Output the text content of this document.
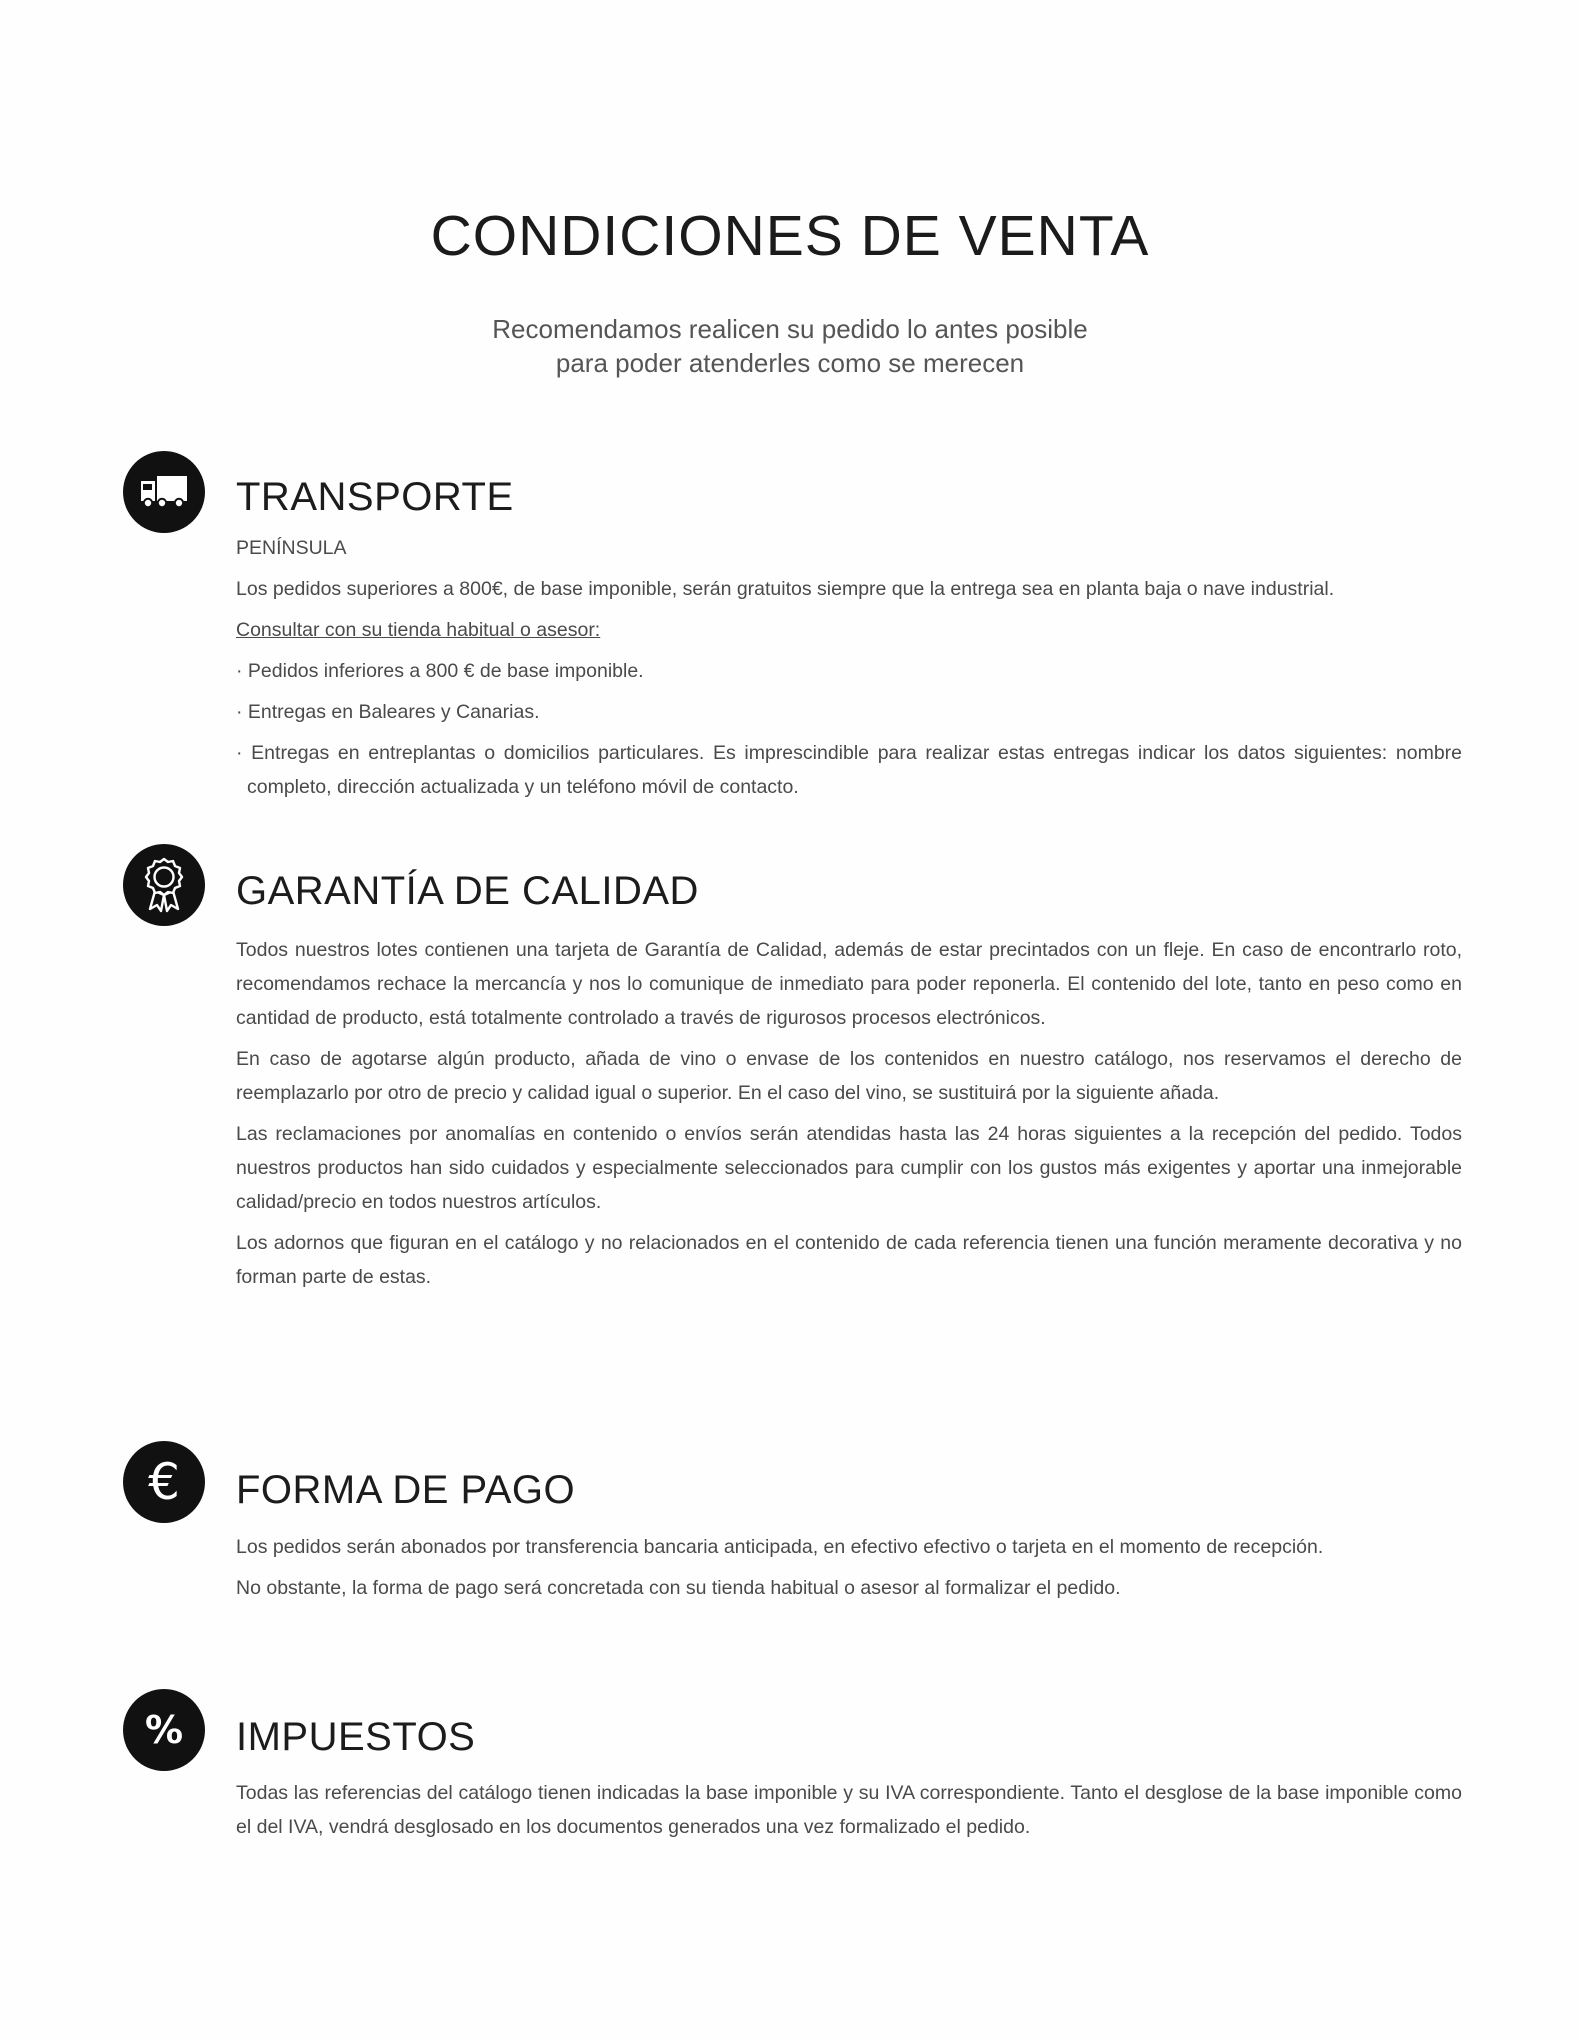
CONDICIONES DE VENTA
Recomendamos realicen su pedido lo antes posible
para poder atenderles como se merecen
TRANSPORTE

PENÍNSULA

Los pedidos superiores a 800€, de base imponible, serán gratuitos siempre que la entrega sea en planta baja o nave industrial.

Consultar con su tienda habitual o asesor:

· Pedidos inferiores a 800 € de base imponible.

· Entregas en Baleares y Canarias.

· Entregas en entreplantas o domicilios particulares. Es imprescindible para realizar estas entregas indicar los datos siguientes: nombre completo, dirección actualizada y un teléfono móvil de contacto.

GARANTÍA DE CALIDAD

Todos nuestros lotes contienen una tarjeta de Garantía de Calidad, además de estar precintados con un fleje. En caso de encontrarlo roto, recomendamos rechace la mercancía y nos lo comunique de inmediato para poder reponerla. El contenido del lote, tanto en peso como en cantidad de producto, está totalmente controlado a través de rigurosos procesos electrónicos.

En caso de agotarse algún producto, añada de vino o envase de los contenidos en nuestro catálogo, nos reservamos el derecho de reemplazarlo por otro de precio y calidad igual o superior. En el caso del vino, se sustituirá por la siguiente añada.

Las reclamaciones por anomalías en contenido o envíos serán atendidas hasta las 24 horas siguientes a la recepción del pedido. Todos nuestros productos han sido cuidados y especialmente seleccionados para cumplir con los gustos más exigentes y aportar una inmejorable calidad/precio en todos nuestros artículos.

Los adornos que figuran en el catálogo y no relacionados en el contenido de cada referencia tienen una función meramente decorativa y no forman parte de estas.

€ FORMA DE PAGO

Los pedidos serán abonados por transferencia bancaria anticipada, en efectivo efectivo o tarjeta en el momento de recepción.

No obstante, la forma de pago será concretada con su tienda habitual o asesor al formalizar el pedido.

% IMPUESTOS

Todas las referencias del catálogo tienen indicadas la base imponible y su IVA correspondiente. Tanto el desglose de la base imponible como el del IVA, vendrá desglosado en los documentos generados una vez formalizado el pedido.
